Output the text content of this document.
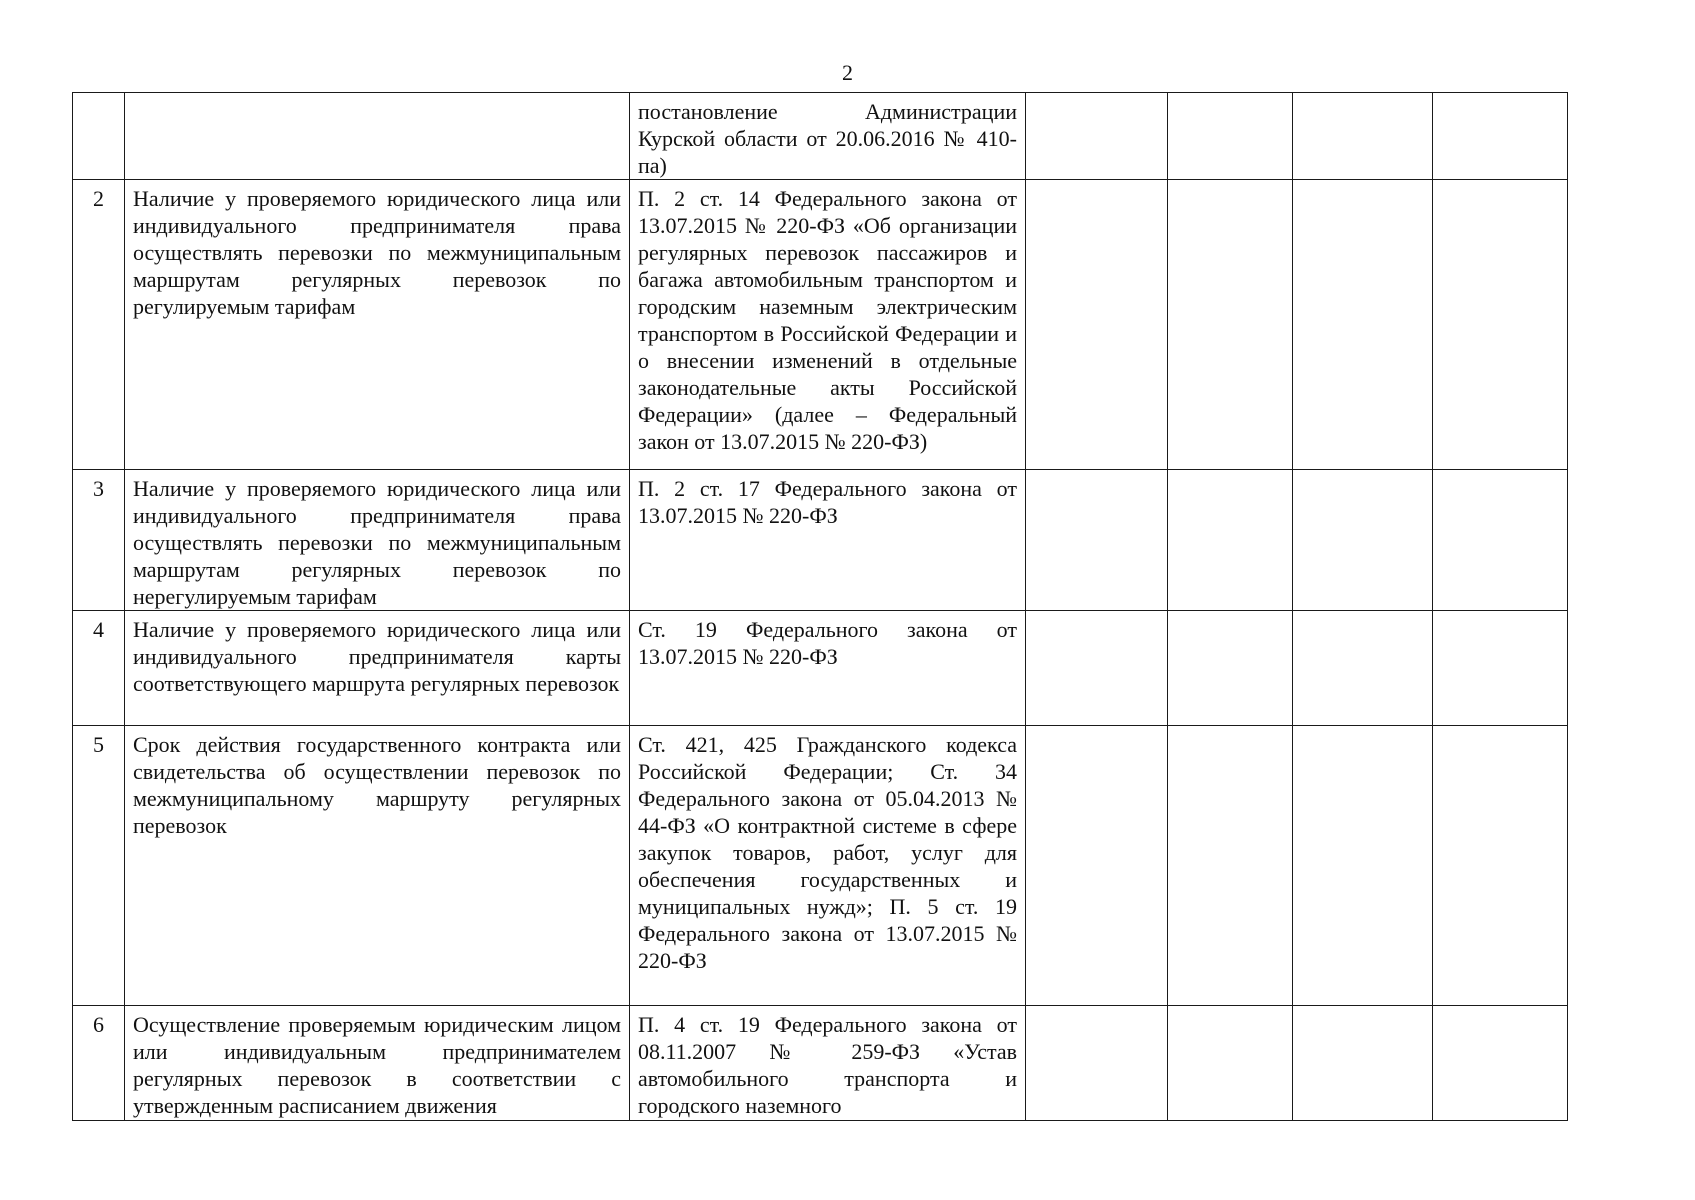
2
		постановление Администрации Курской области от 20.06.2016 № 410-па)				
2	Наличие у проверяемого юридического лица или индивидуального предпринимателя права осуществлять перевозки по межмуниципальным маршрутам регулярных перевозок по регулируемым тарифам	П. 2 ст. 14 Федерального закона от 13.07.2015 № 220-ФЗ «Об организации регулярных перевозок пассажиров и багажа автомобильным транспортом и городским наземным электрическим транспортом в Российской Федерации и о внесении изменений в отдельные законодательные акты Российской Федерации» (далее – Федеральный закон от 13.07.2015 № 220-ФЗ)				
3	Наличие у проверяемого юридического лица или индивидуального предпринимателя права осуществлять перевозки по межмуниципальным маршрутам регулярных перевозок по нерегулируемым тарифам	П. 2 ст. 17 Федерального закона от 13.07.2015 № 220-ФЗ				
4	Наличие у проверяемого юридического лица или индивидуального предпринимателя карты соответствующего маршрута регулярных перевозок	Ст. 19 Федерального закона от 13.07.2015 № 220-ФЗ				
5	Срок действия государственного контракта или свидетельства об осуществлении перевозок по межмуниципальному маршруту регулярных перевозок	Ст. 421, 425 Гражданского кодекса Российской Федерации; Ст. 34 Федерального закона от 05.04.2013 № 44-ФЗ «О контрактной системе в сфере закупок товаров, работ, услуг для обеспечения государственных и муниципальных нужд»; П. 5 ст. 19 Федерального закона от 13.07.2015 № 220-ФЗ				
6	Осуществление проверяемым юридическим лицом или индивидуальным предпринимателем регулярных перевозок в соответствии с утвержденным расписанием движения	П. 4 ст. 19 Федерального закона от 08.11.2007 № 259-ФЗ «Устав автомобильного транспорта и городского наземного				
